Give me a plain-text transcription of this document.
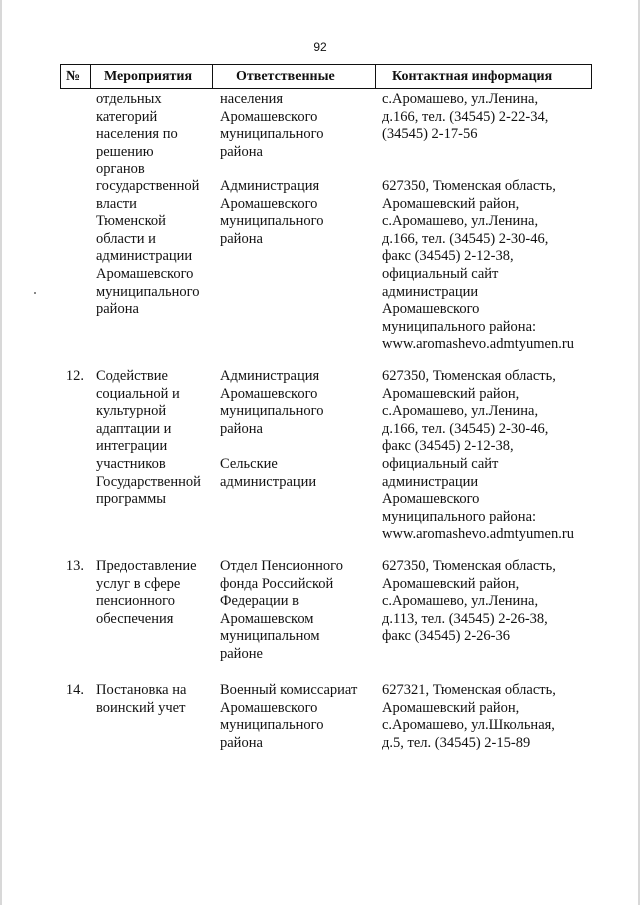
92
№ Мероприятия	Ответственные	Контактная информация
отдельных
категорий
населения по
решению
органов
населения
Аромашевского
муниципального
района
с.Аромашево, ул.Ленина,
д.166, тел. (34545) 2-22-34,
(34545) 2-17-56
государственной
власти
Тюменской
области и
администрации
Аромашевского
муниципального
района
Администрация
Аромашевского
муниципального
района
627350, Тюменская область,
Аромашевский район,
с.Аромашево, ул.Ленина,
д.166, тел. (34545) 2-30-46,
факс (34545) 2-12-38,
официальный сайт
администрации
Аромашевского
муниципального района:
www.aromashevo.admtyumen.ru
12. Содействие
социальной и
культурной
адаптации и
интеграции
участников
Государственной
программы
Администрация
Аромашевского
муниципального
района

Сельские
администрации
627350, Тюменская область,
Аромашевский район,
с.Аромашево, ул.Ленина,
д.166, тел. (34545) 2-30-46,
факс (34545) 2-12-38,
официальный сайт
администрации
Аромашевского
муниципального района:
www.aromashevo.admtyumen.ru
13. Предоставление
услуг в сфере
пенсионного
обеспечения
Отдел Пенсионного
фонда Российской
Федерации в
Аромашевском
муниципальном
районе
627350, Тюменская область,
Аромашевский район,
с.Аромашево, ул.Ленина,
д.113, тел. (34545) 2-26-38,
факс (34545) 2-26-36
14. Постановка на
воинский учет
Военный комиссариат
Аромашевского
муниципального
района
627321, Тюменская область,
Аромашевский район,
с.Аромашево, ул.Школьная,
д.5, тел. (34545) 2-15-89
